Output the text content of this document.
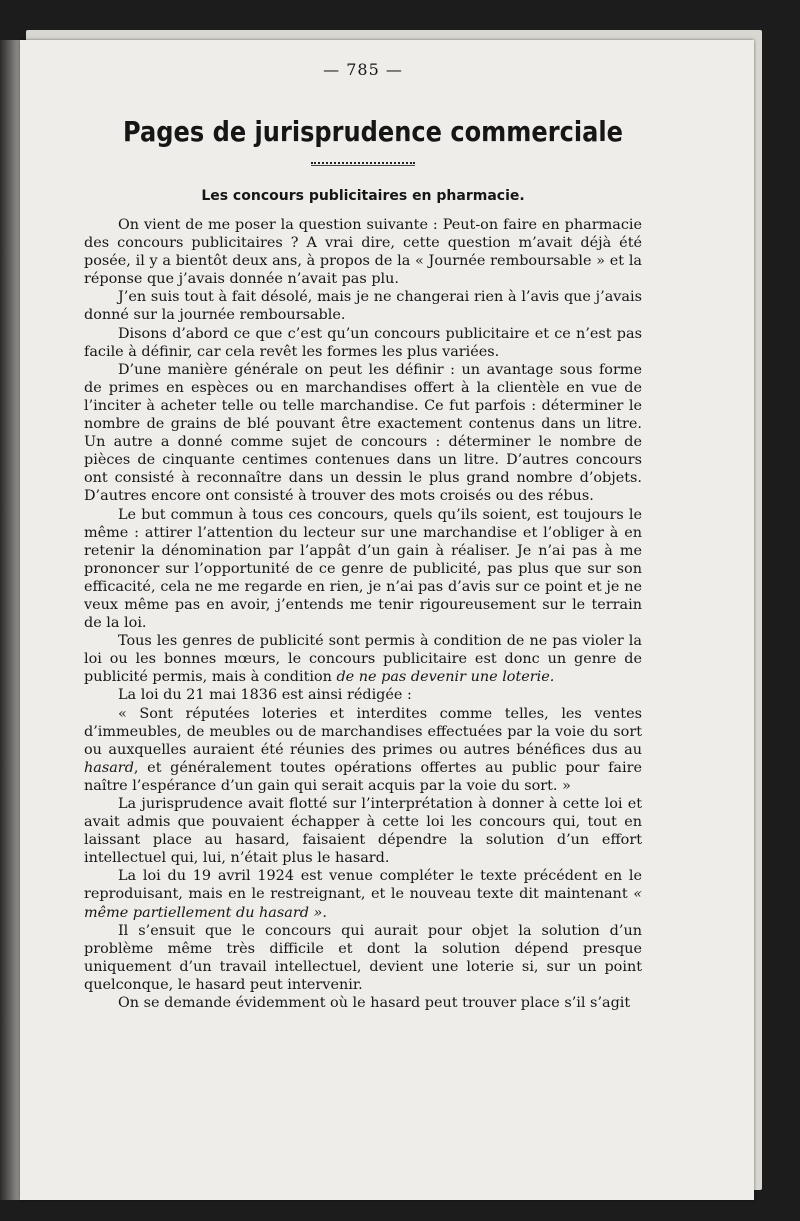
— 785 —
Pages de jurisprudence commerciale
Les concours publicitaires en pharmacie.

On vient de me poser la question suivante : Peut-on faire en pharmacie des concours publicitaires ? A vrai dire, cette question m’avait déjà été posée, il y a bientôt deux ans, à propos de la « Journée remboursable » et la réponse que j’avais donnée n’avait pas plu.

J’en suis tout à fait désolé, mais je ne changerai rien à l’avis que j’avais donné sur la journée remboursable.

Disons d’abord ce que c’est qu’un concours publicitaire et ce n’est pas facile à définir, car cela revêt les formes les plus variées.

D’une manière générale on peut les définir : un avantage sous forme de primes en espèces ou en marchandises offert à la clientèle en vue de l’inciter à acheter telle ou telle marchandise. Ce fut parfois : déterminer le nombre de grains de blé pouvant être exactement contenus dans un litre. Un autre a donné comme sujet de concours : déterminer le nombre de pièces de cinquante centimes contenues dans un litre. D’autres concours ont consisté à reconnaître dans un dessin le plus grand nombre d’objets. D’autres encore ont consisté à trouver des mots croisés ou des rébus.

Le but commun à tous ces concours, quels qu’ils soient, est toujours le même : attirer l’attention du lecteur sur une marchandise et l’obliger à en retenir la dénomination par l’appât d’un gain à réaliser. Je n’ai pas à me prononcer sur l’opportunité de ce genre de publicité, pas plus que sur son efficacité, cela ne me regarde en rien, je n’ai pas d’avis sur ce point et je ne veux même pas en avoir, j’entends me tenir rigoureusement sur le terrain de la loi.

Tous les genres de publicité sont permis à condition de ne pas violer la loi ou les bonnes mœurs, le concours publicitaire est donc un genre de publicité permis, mais à condition de ne pas devenir une loterie.

La loi du 21 mai 1836 est ainsi rédigée :

« Sont réputées loteries et interdites comme telles, les ventes d’immeubles, de meubles ou de marchandises effectuées par la voie du sort ou auxquelles auraient été réunies des primes ou autres bénéfices dus au hasard, et généralement toutes opérations offertes au public pour faire naître l’espérance d’un gain qui serait acquis par la voie du sort. »

La jurisprudence avait flotté sur l’interprétation à donner à cette loi et avait admis que pouvaient échapper à cette loi les concours qui, tout en laissant place au hasard, faisaient dépendre la solution d’un effort intellectuel qui, lui, n’était plus le hasard.

La loi du 19 avril 1924 est venue compléter le texte précédent en le reproduisant, mais en le restreignant, et le nouveau texte dit maintenant « même partiellement du hasard ».

Il s’ensuit que le concours qui aurait pour objet la solution d’un problème même très difficile et dont la solution dépend presque uniquement d’un travail intellectuel, devient une loterie si, sur un point quelconque, le hasard peut intervenir.

On se demande évidemment où le hasard peut trouver place s’il s’agit
